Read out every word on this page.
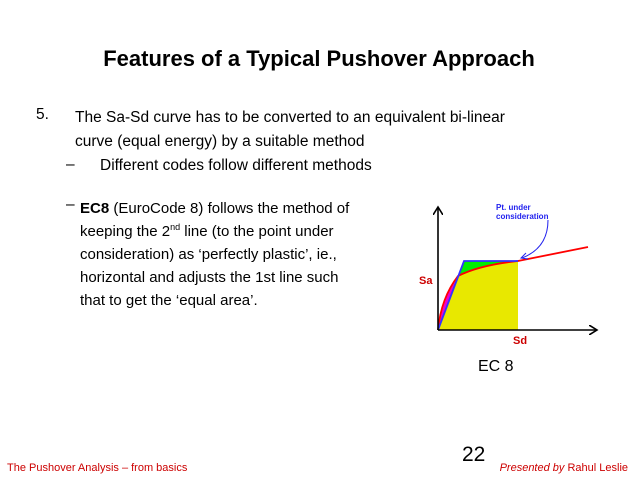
Features of a Typical Pushover Approach
5. The Sa-Sd curve has to be converted to an equivalent bi-linear
curve (equal energy) by a suitable method
– Different codes follow different methods
– EC8 (EuroCode 8) follows the method of
keeping the 2nd line (to the point under
consideration) as ‘perfectly plastic’, ie.,
horizontal and adjusts the 1st line such
that to get the ‘equal area’.
Pt. under
consideration
Sa
Sd
EC 8
22
The Pushover Analysis – from basics	Presented by Rahul Leslie
